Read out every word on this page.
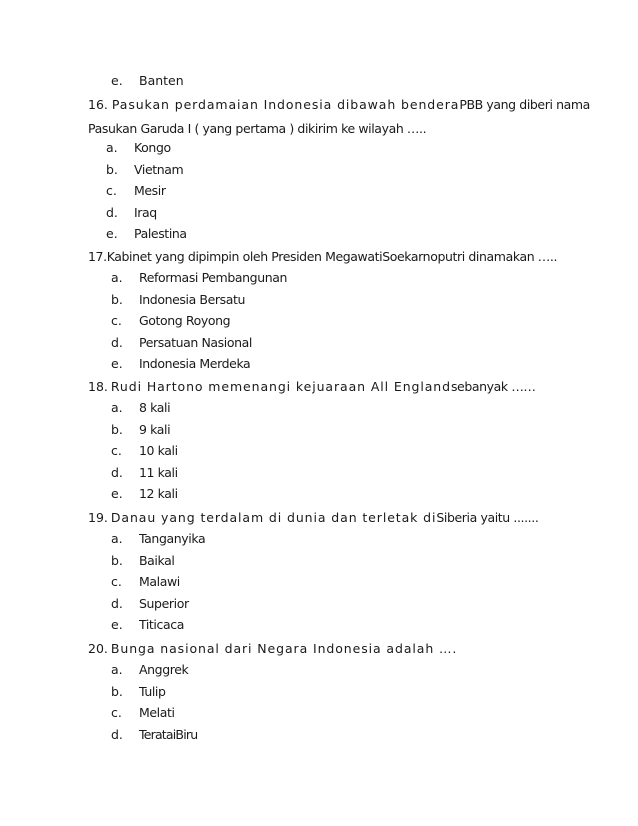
e. Banten
16. Pasukan perdamaian Indonesia dibawah benderaPBB yang diberi nama
Pasukan Garuda I ( yang pertama ) dikirim ke wilayah …..
a. Kongo
b. Vietnam
c. Mesir
d. Iraq
e. Palestina
17.Kabinet yang dipimpin oleh Presiden MegawatiSoekarnoputri dinamakan …..
a. Reformasi Pembangunan
b. Indonesia Bersatu
c. Gotong Royong
d. Persatuan Nasional
e. Indonesia Merdeka
18. Rudi Hartono memenangi kejuaraan All Englandsebanyak ……
a. 8 kali
b. 9 kali
c. 10 kali
d. 11 kali
e. 12 kali
19. Danau yang terdalam di dunia dan terletak diSiberia yaitu .......
a. Tanganyika
b. Baikal
c. Malawi
d. Superior
e. Titicaca
20. Bunga nasional dari Negara Indonesia adalah ….
a. Anggrek
b. Tulip
c. Melati
d. TerataiBiru
